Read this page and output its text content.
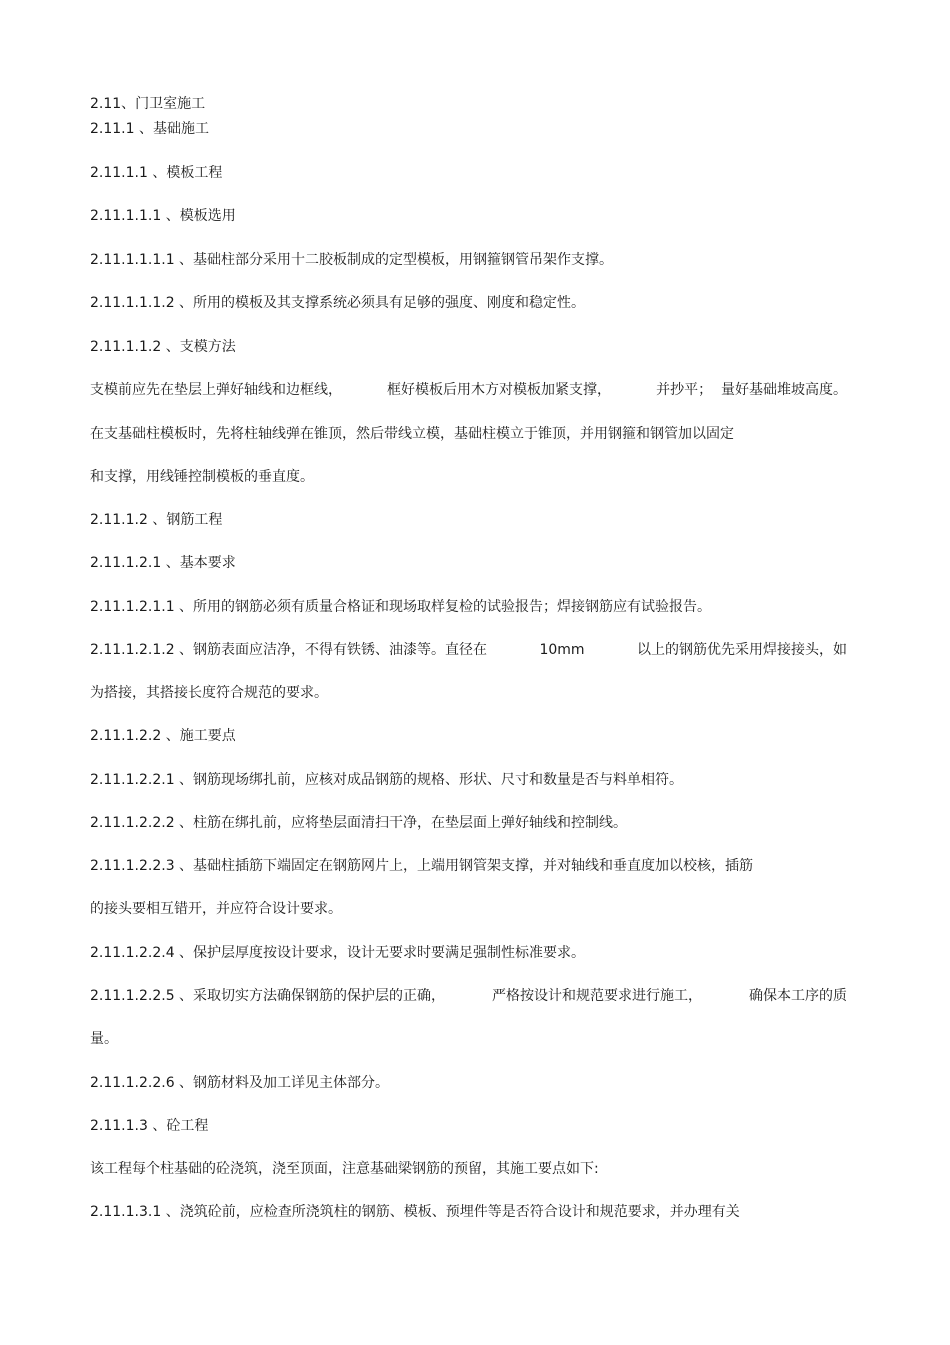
2.11、门卫室施工
2.11.1 、基础施工
2.11.1.1 、模板工程
2.11.1.1.1 、模板选用
2.11.1.1.1.1 、基础柱部分采用十二胶板制成的定型模板，用钢箍钢管吊架作支撑。
2.11.1.1.1.2 、所用的模板及其支撑系统必须具有足够的强度、刚度和稳定性。
2.11.1.1.2 、支模方法
支模前应先在垫层上弹好轴线和边框线，	框好模板后用木方对模板加紧支撑，	并抄平；  量好基础堆坡高度。
在支基础柱模板时，先将柱轴线弹在锥顶，然后带线立模，基础柱模立于锥顶，并用钢箍和钢管加以固定
和支撑，用线锤控制模板的垂直度。
2.11.1.2 、钢筋工程
2.11.1.2.1 、基本要求
2.11.1.2.1.1 、所用的钢筋必须有质量合格证和现场取样复检的试验报告；焊接钢筋应有试验报告。
2.11.1.2.1.2 、钢筋表面应洁净，不得有铁锈、油漆等。直径在	10mm	以上的钢筋优先采用焊接接头，如
为搭接，其搭接长度符合规范的要求。
2.11.1.2.2 、施工要点
2.11.1.2.2.1 、钢筋现场绑扎前，应核对成品钢筋的规格、形状、尺寸和数量是否与料单相符。
2.11.1.2.2.2 、柱筋在绑扎前，应将垫层面清扫干净，在垫层面上弹好轴线和控制线。
2.11.1.2.2.3 、基础柱插筋下端固定在钢筋网片上，上端用钢管架支撑，并对轴线和垂直度加以校核，插筋
的接头要相互错开，并应符合设计要求。
2.11.1.2.2.4 、保护层厚度按设计要求，设计无要求时要满足强制性标准要求。
2.11.1.2.2.5 、采取切实方法确保钢筋的保护层的正确，	严格按设计和规范要求进行施工，	确保本工序的质
量。
2.11.1.2.2.6 、钢筋材料及加工详见主体部分。
2.11.1.3 、砼工程
该工程每个柱基础的砼浇筑，浇至顶面，注意基础梁钢筋的预留，其施工要点如下:
2.11.1.3.1 、浇筑砼前，应检查所浇筑柱的钢筋、模板、预埋件等是否符合设计和规范要求，并办理有关
